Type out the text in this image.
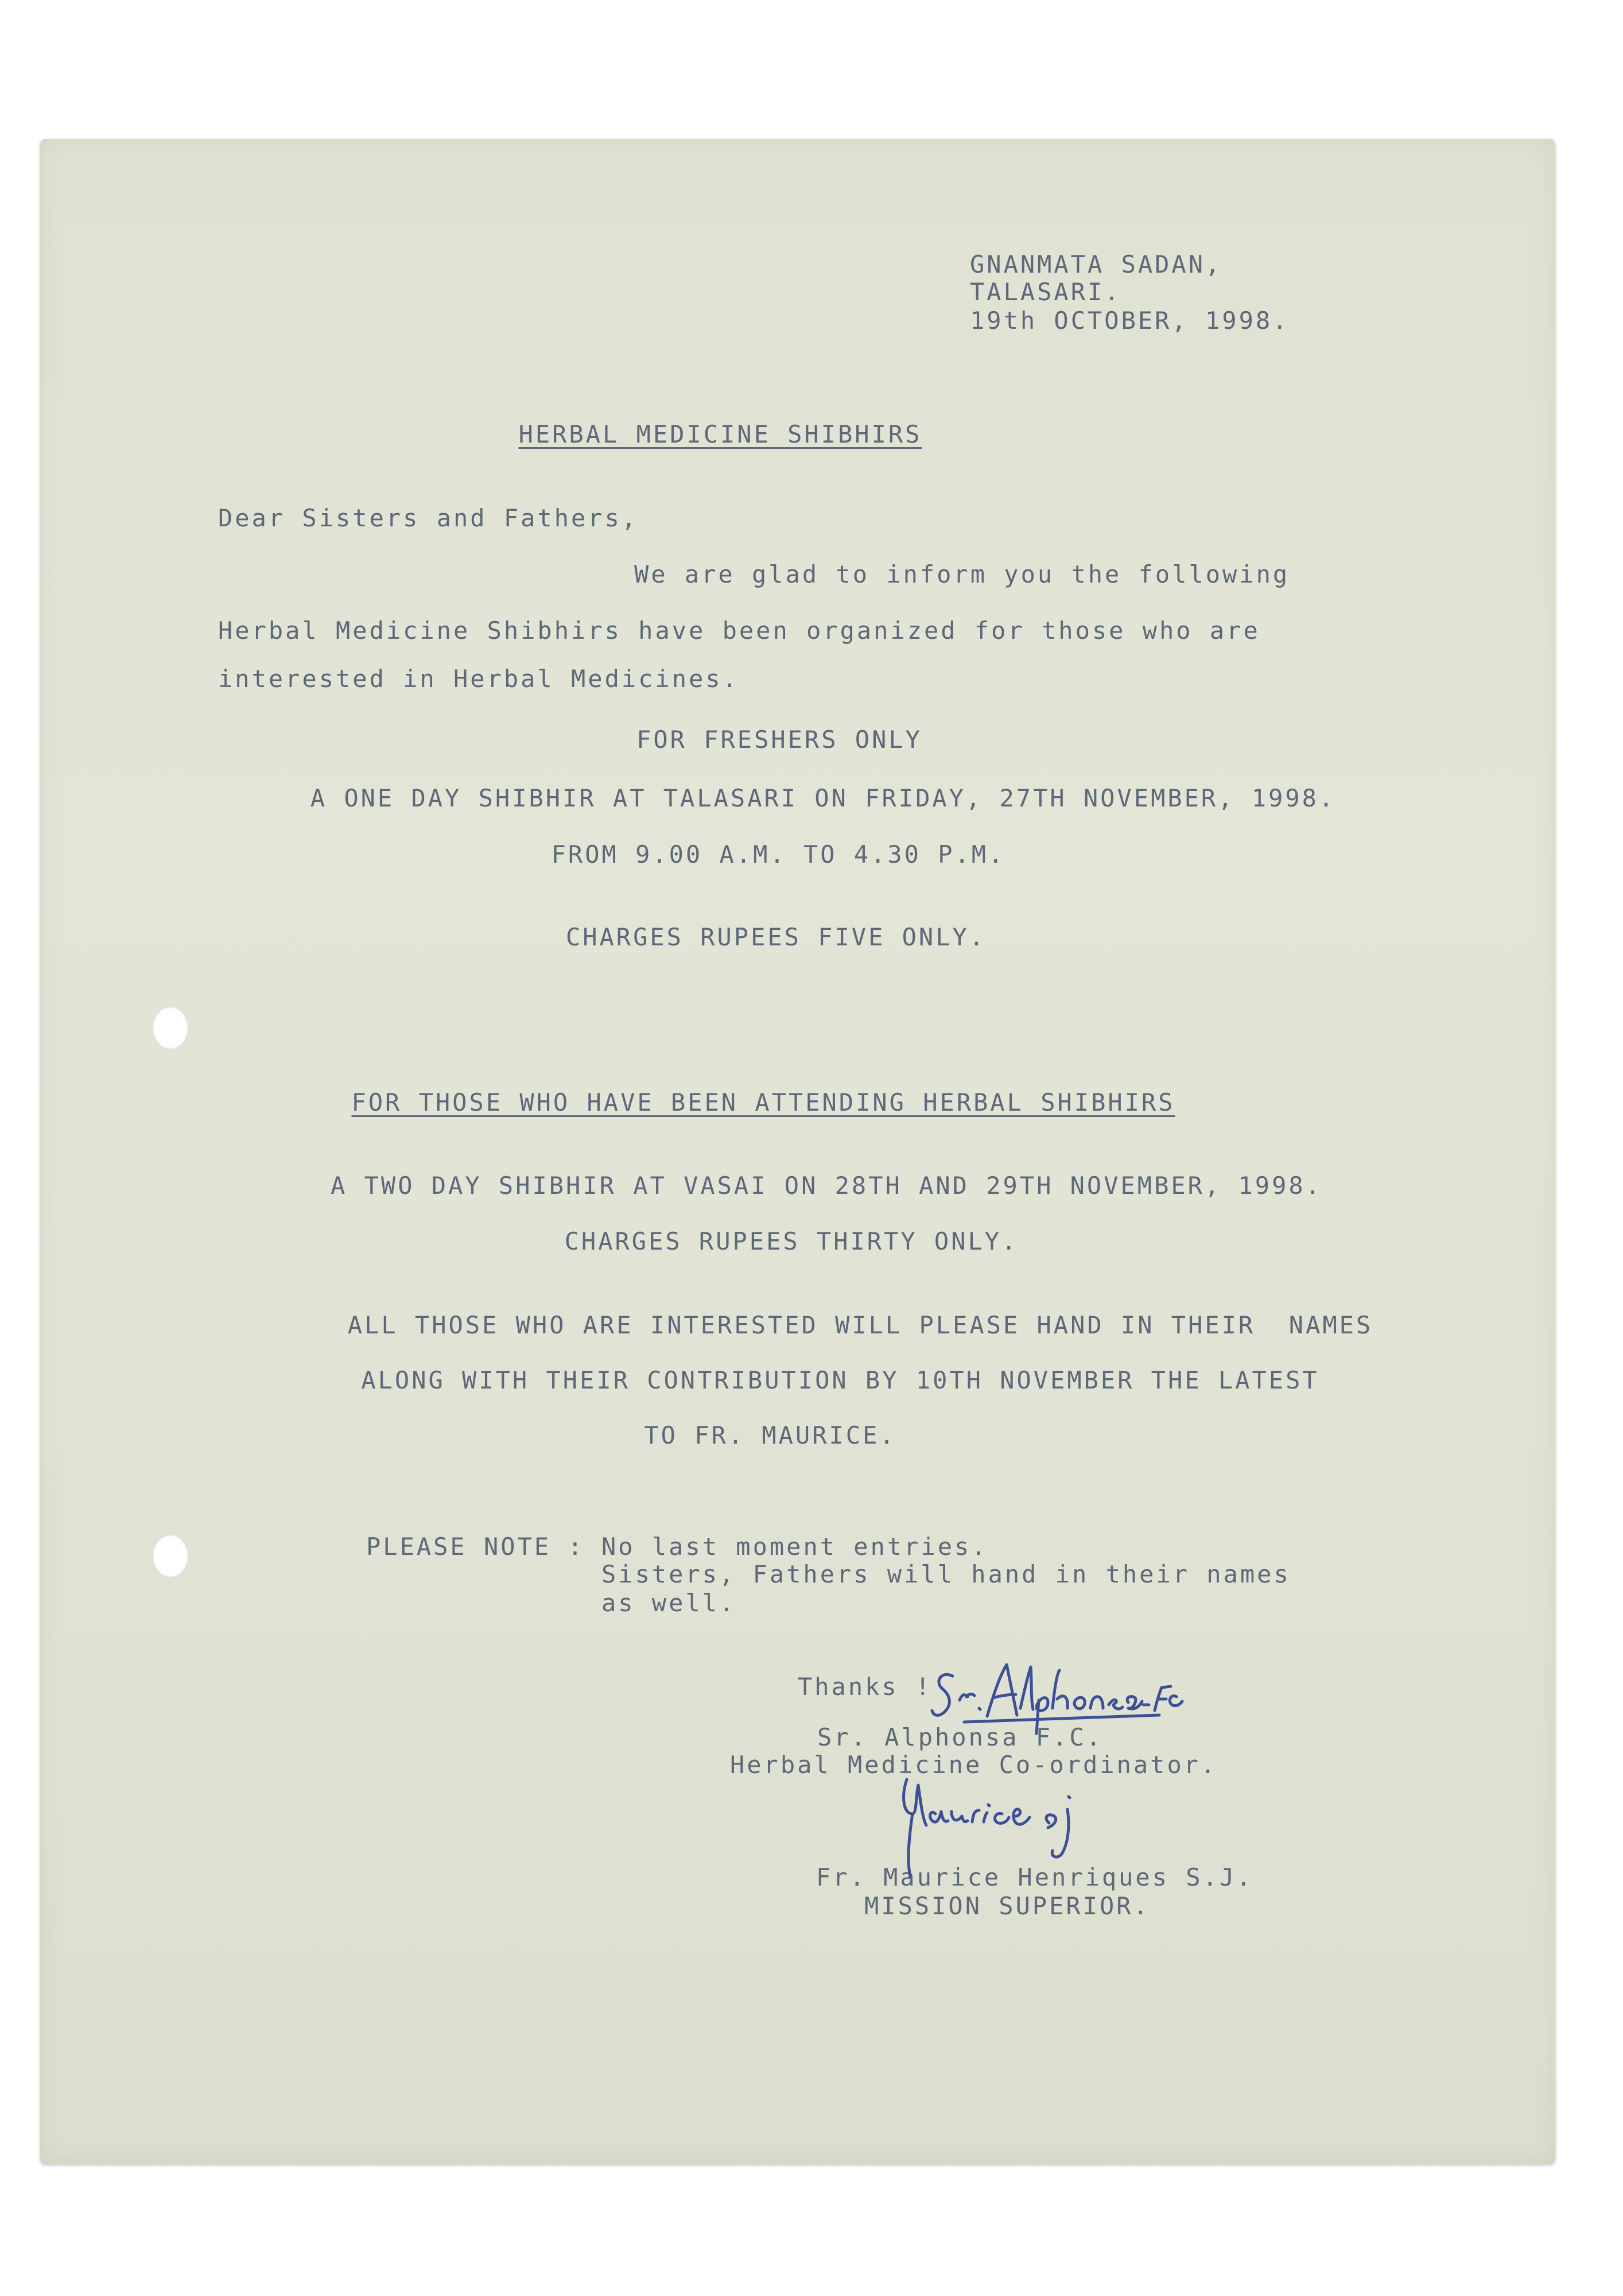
GNANMATA SADAN,
TALASARI.
19th OCTOBER, 1998.
HERBAL MEDICINE SHIBHIRS
Dear Sisters and Fathers,
We are glad to inform you the following
Herbal Medicine Shibhirs have been organized for those who are
interested in Herbal Medicines.
FOR FRESHERS ONLY
A ONE DAY SHIBHIR AT TALASARI ON FRIDAY, 27TH NOVEMBER, 1998.
FROM 9.00 A.M. TO 4.30 P.M.
CHARGES RUPEES FIVE ONLY.
FOR THOSE WHO HAVE BEEN ATTENDING HERBAL SHIBHIRS
A TWO DAY SHIBHIR AT VASAI ON 28TH AND 29TH NOVEMBER, 1998.
CHARGES RUPEES THIRTY ONLY.
ALL THOSE WHO ARE INTERESTED WILL PLEASE HAND IN THEIR  NAMES
ALONG WITH THEIR CONTRIBUTION BY 10TH NOVEMBER THE LATEST
TO FR. MAURICE.
PLEASE NOTE : No last moment entries.
Sisters, Fathers will hand in their names
as well.
Thanks !
Sr. Alphonsa F.C.
Herbal Medicine Co-ordinator.
Fr. Maurice Henriques S.J.
MISSION SUPERIOR.
